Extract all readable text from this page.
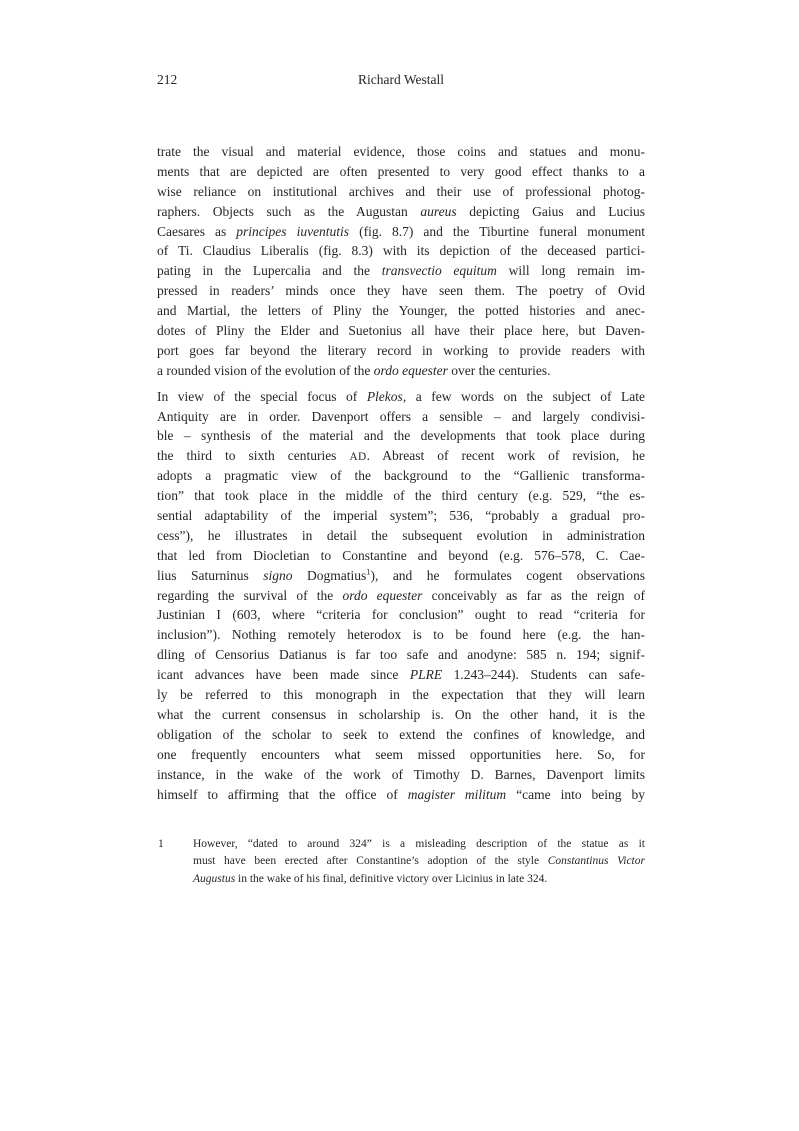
212	Richard Westall
trate the visual and material evidence, those coins and statues and monu-
ments that are depicted are often presented to very good effect thanks to a
wise reliance on institutional archives and their use of professional photog-
raphers. Objects such as the Augustan aureus depicting Gaius and Lucius
Caesares as principes iuventutis (fig. 8.7) and the Tiburtine funeral monument
of Ti. Claudius Liberalis (fig. 8.3) with its depiction of the deceased partici-
pating in the Lupercalia and the transvectio equitum will long remain im-
pressed in readers’ minds once they have seen them. The poetry of Ovid
and Martial, the letters of Pliny the Younger, the potted histories and anec-
dotes of Pliny the Elder and Suetonius all have their place here, but Daven-
port goes far beyond the literary record in working to provide readers with
a rounded vision of the evolution of the ordo equester over the centuries.
In view of the special focus of Plekos, a few words on the subject of Late
Antiquity are in order. Davenport offers a sensible – and largely condivisi-
ble – synthesis of the material and the developments that took place during
the third to sixth centuries AD. Abreast of recent work of revision, he
adopts a pragmatic view of the background to the “Gallienic transforma-
tion” that took place in the middle of the third century (e.g. 529, “the es-
sential adaptability of the imperial system”; 536, “probably a gradual pro-
cess”), he illustrates in detail the subsequent evolution in administration
that led from Diocletian to Constantine and beyond (e.g. 576–578, C. Cae-
lius Saturninus signo Dogmatius$^1$), and he formulates cogent observations
regarding the survival of the ordo equester conceivably as far as the reign of
Justinian I (603, where “criteria for conclusion” ought to read “criteria for
inclusion”). Nothing remotely heterodox is to be found here (e.g. the han-
dling of Censorius Datianus is far too safe and anodyne: 585 n. 194; signif-
icant advances have been made since PLRE 1.243–244). Students can safe-
ly be referred to this monograph in the expectation that they will learn
what the current consensus in scholarship is. On the other hand, it is the
obligation of the scholar to seek to extend the confines of knowledge, and
one frequently encounters what seem missed opportunities here. So, for
instance, in the wake of the work of Timothy D. Barnes, Davenport limits
himself to affirming that the office of magister militum “came into being by
1	However, “dated to around 324” is a misleading description of the statue as it
must have been erected after Constantine’s adoption of the style Constantinus Victor
Augustus in the wake of his final, definitive victory over Licinius in late 324.
